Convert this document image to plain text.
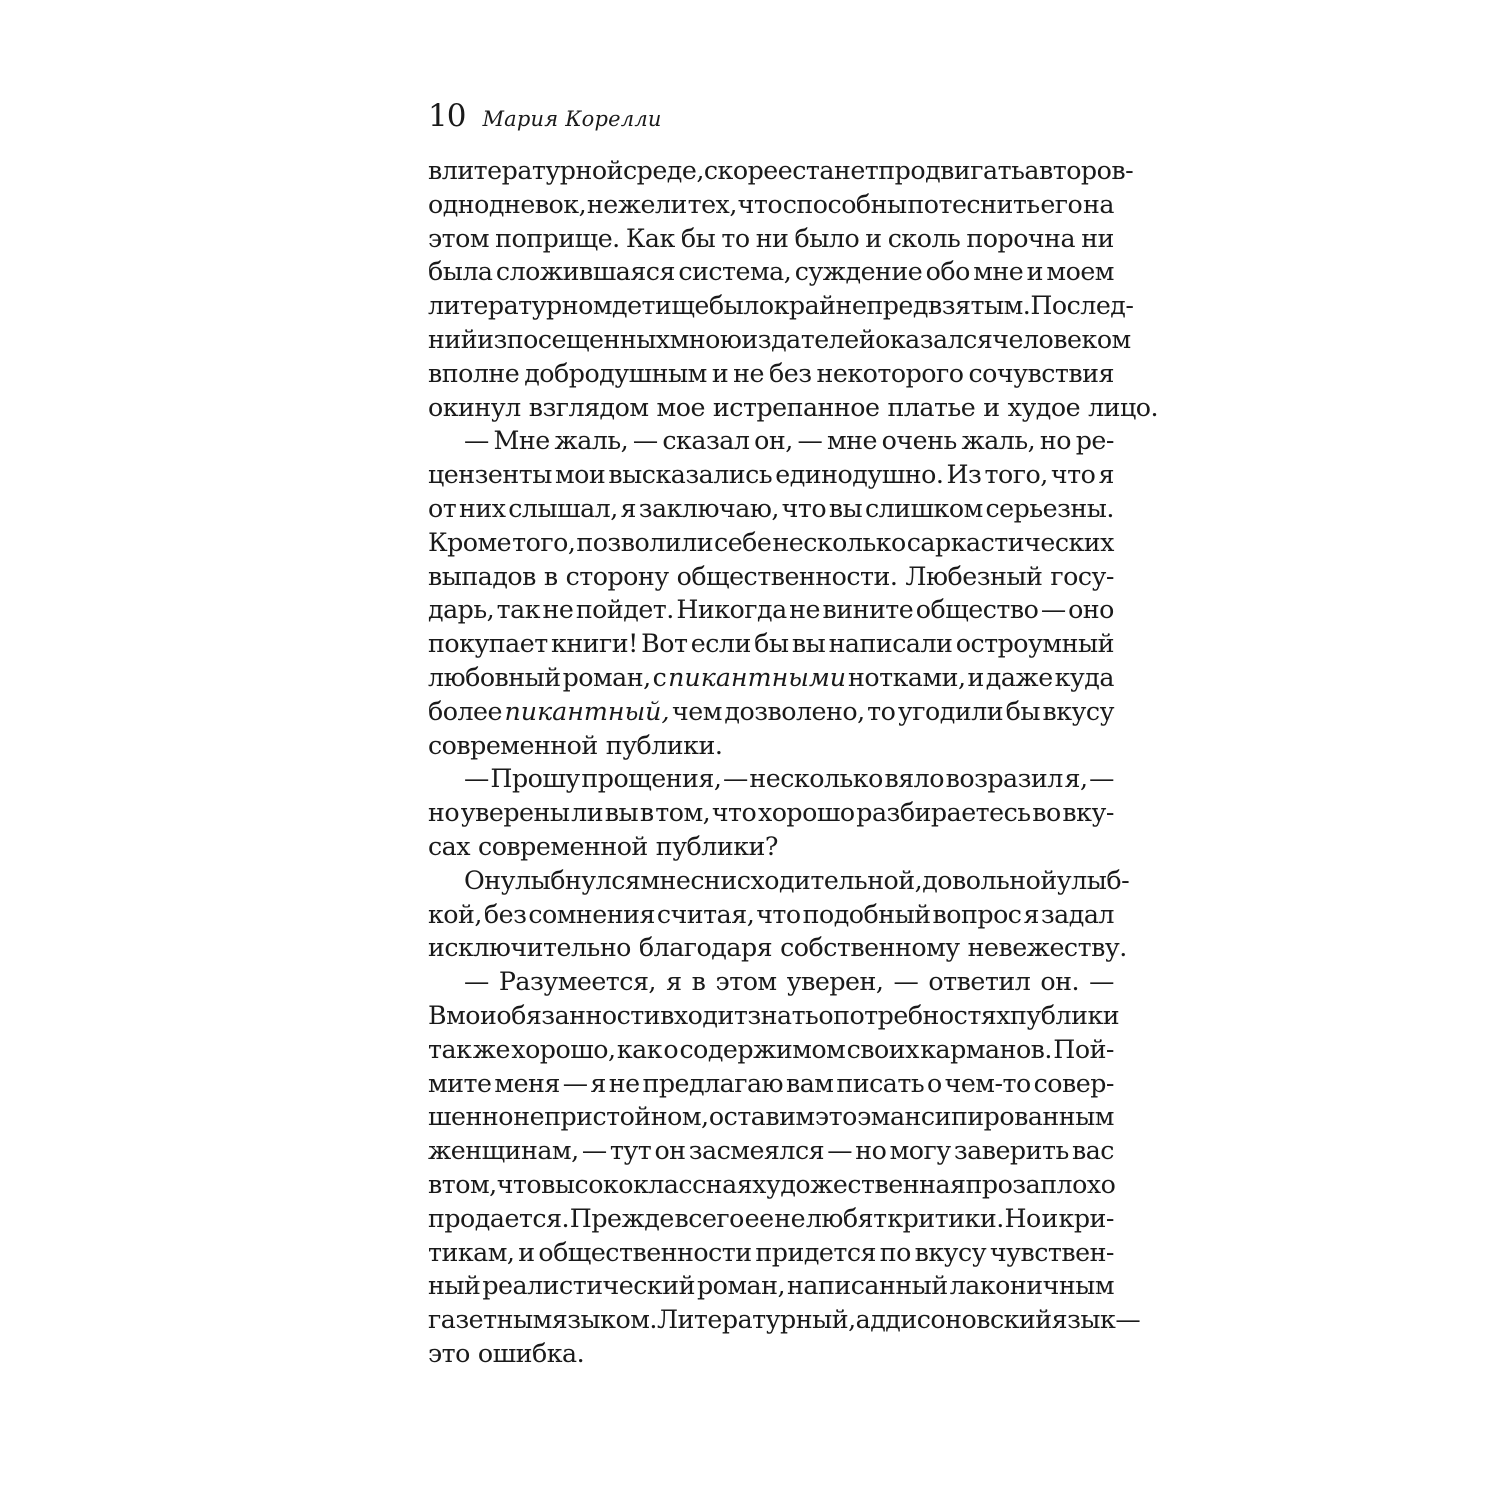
10 Мария Корелли
в литературной среде, скорее станет продвигать авторов-
однодневок, нежели тех, что способны потеснить его на
этом поприще. Как бы то ни было и сколь порочна ни
была сложившаяся система, суждение обо мне и моем
литературном детище было крайне предвзятым. Послед-
ний из посещенных мною издателей оказался человеком
вполне добродушным и не без некоторого сочувствия
окинул взглядом мое истрепанное платье и худое лицо.
— Мне жаль, — сказал он, — мне очень жаль, но ре-
цензенты мои высказались единодушно. Из того, что я
от них слышал, я заключаю, что вы слишком серьезны.
Кроме того, позволили себе несколько саркастических
выпадов в сторону общественности. Любезный госу-
дарь, так не пойдет. Никогда не вините общество — оно
покупает книги! Вот если бы вы написали остроумный
любовный роман, с пикантными нотками, и даже куда
более пикантный, чем дозволено, то угодили бы вкусу
современной публики.
— Прошу прощения, — несколько вяло возразил я, —
но уверены ли вы в том, что хорошо разбираетесь во вку-
сах современной публики?
Он улыбнулся мне снисходительной, довольной улыб-
кой, без сомнения считая, что подобный вопрос я задал
исключительно благодаря собственному невежеству.
— Разумеется, я в этом уверен, — ответил он. —
В мои обязанности входит знать о потребностях публики
так же хорошо, как о содержимом своих карманов. Пой-
мите меня — я не предлагаю вам писать о чем-то совер-
шенно непристойном, оставим это эмансипированным
женщинам, — тут он засмеялся — но могу заверить вас
в том, что высококлассная художественная проза плохо
продается. Прежде всего ее не любят критики. Но и кри-
тикам, и общественности придется по вкусу чувствен-
ный реалистический роман, написанный лаконичным
газетным языком. Литературный, аддисоновский язык —
это ошибка.
